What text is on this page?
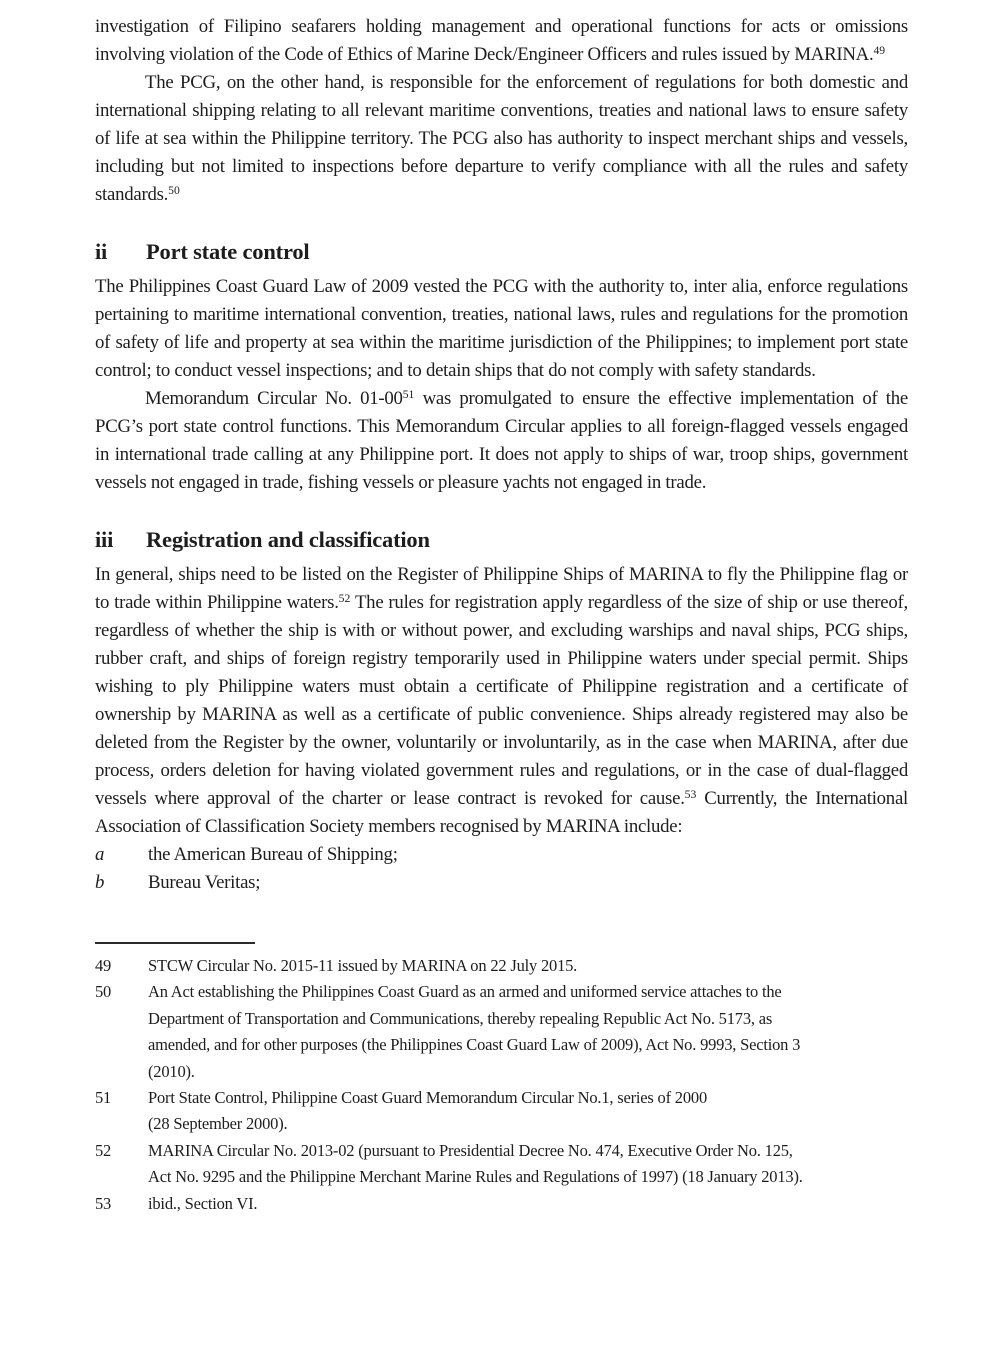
investigation of Filipino seafarers holding management and operational functions for acts or omissions involving violation of the Code of Ethics of Marine Deck/Engineer Officers and rules issued by MARINA.$^{49}$

The PCG, on the other hand, is responsible for the enforcement of regulations for both domestic and international shipping relating to all relevant maritime conventions, treaties and national laws to ensure safety of life at sea within the Philippine territory. The PCG also has authority to inspect merchant ships and vessels, including but not limited to inspections before departure to verify compliance with all the rules and safety standards.$^{50}$

ii	Port state control

The Philippines Coast Guard Law of 2009 vested the PCG with the authority to, inter alia, enforce regulations pertaining to maritime international convention, treaties, national laws, rules and regulations for the promotion of safety of life and property at sea within the maritime jurisdiction of the Philippines; to implement port state control; to conduct vessel inspections; and to detain ships that do not comply with safety standards.

Memorandum Circular No. 01-00$^{51}$ was promulgated to ensure the effective implementation of the PCG’s port state control functions. This Memorandum Circular applies to all foreign-flagged vessels engaged in international trade calling at any Philippine port. It does not apply to ships of war, troop ships, government vessels not engaged in trade, fishing vessels or pleasure yachts not engaged in trade.

iii	Registration and classification

In general, ships need to be listed on the Register of Philippine Ships of MARINA to fly the Philippine flag or to trade within Philippine waters.$^{52}$ The rules for registration apply regardless of the size of ship or use thereof, regardless of whether the ship is with or without power, and excluding warships and naval ships, PCG ships, rubber craft, and ships of foreign registry temporarily used in Philippine waters under special permit. Ships wishing to ply Philippine waters must obtain a certificate of Philippine registration and a certificate of ownership by MARINA as well as a certificate of public convenience. Ships already registered may also be deleted from the Register by the owner, voluntarily or involuntarily, as in the case when MARINA, after due process, orders deletion for having violated government rules and regulations, or in the case of dual-flagged vessels where approval of the charter or lease contract is revoked for cause.$^{53}$ Currently, the International Association of Classification Society members recognised by MARINA include:

a	the American Bureau of Shipping;
b	Bureau Veritas;
49	STCW Circular No. 2015-11 issued by MARINA on 22 July 2015.
50	An Act establishing the Philippines Coast Guard as an armed and uniformed service attaches to the
Department of Transportation and Communications, thereby repealing Republic Act No. 5173, as
amended, and for other purposes (the Philippines Coast Guard Law of 2009), Act No. 9993, Section 3
(2010).
51	Port State Control, Philippine Coast Guard Memorandum Circular No.1, series of 2000
(28 September 2000).
52	MARINA Circular No. 2013-02 (pursuant to Presidential Decree No. 474, Executive Order No. 125,
Act No. 9295 and the Philippine Merchant Marine Rules and Regulations of 1997) (18 January 2013).
53	ibid., Section VI.
